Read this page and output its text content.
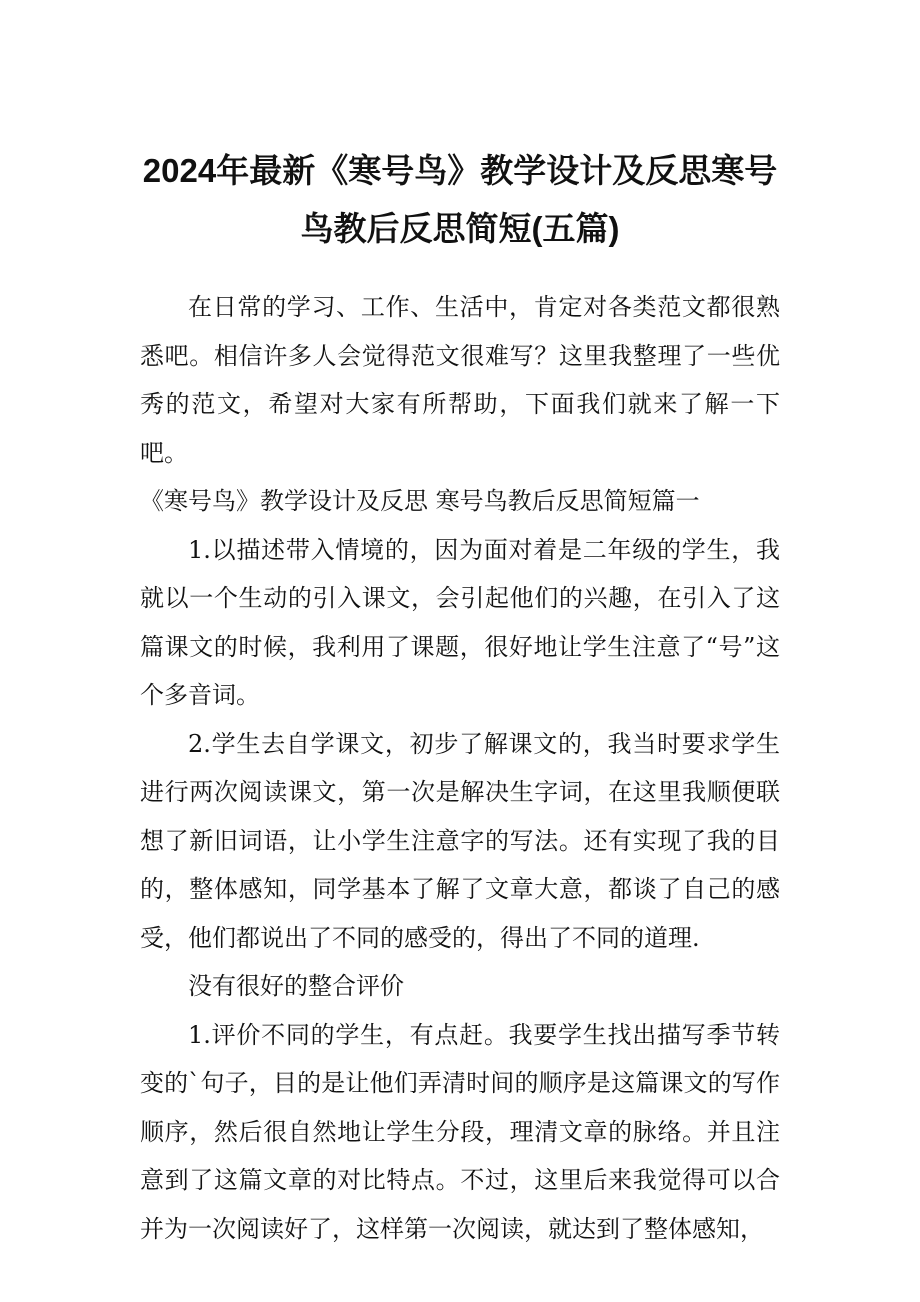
2024年最新《寒号鸟》教学设计及反思寒号鸟教后反思简短(五篇)

在日常的学习、工作、生活中，肯定对各类范文都很熟悉吧。相信许多人会觉得范文很难写？这里我整理了一些优秀的范文，希望对大家有所帮助，下面我们就来了解一下吧。

《寒号鸟》教学设计及反思 寒号鸟教后反思简短篇一

1.以描述带入情境的，因为面对着是二年级的学生，我就以一个生动的引入课文，会引起他们的兴趣，在引入了这篇课文的时候，我利用了课题，很好地让学生注意了“号”这个多音词。

2.学生去自学课文，初步了解课文的，我当时要求学生进行两次阅读课文，第一次是解决生字词，在这里我顺便联想了新旧词语，让小学生注意字的写法。还有实现了我的目的，整体感知，同学基本了解了文章大意，都谈了自己的感受，他们都说出了不同的感受的，得出了不同的道理.

没有很好的整合评价

1.评价不同的学生，有点赶。我要学生找出描写季节转变的`句子，目的是让他们弄清时间的顺序是这篇课文的写作顺序，然后很自然地让学生分段，理清文章的脉络。并且注意到了这篇文章的对比特点。不过，这里后来我觉得可以合并为一次阅读好了，这样第一次阅读，就达到了整体感知，
